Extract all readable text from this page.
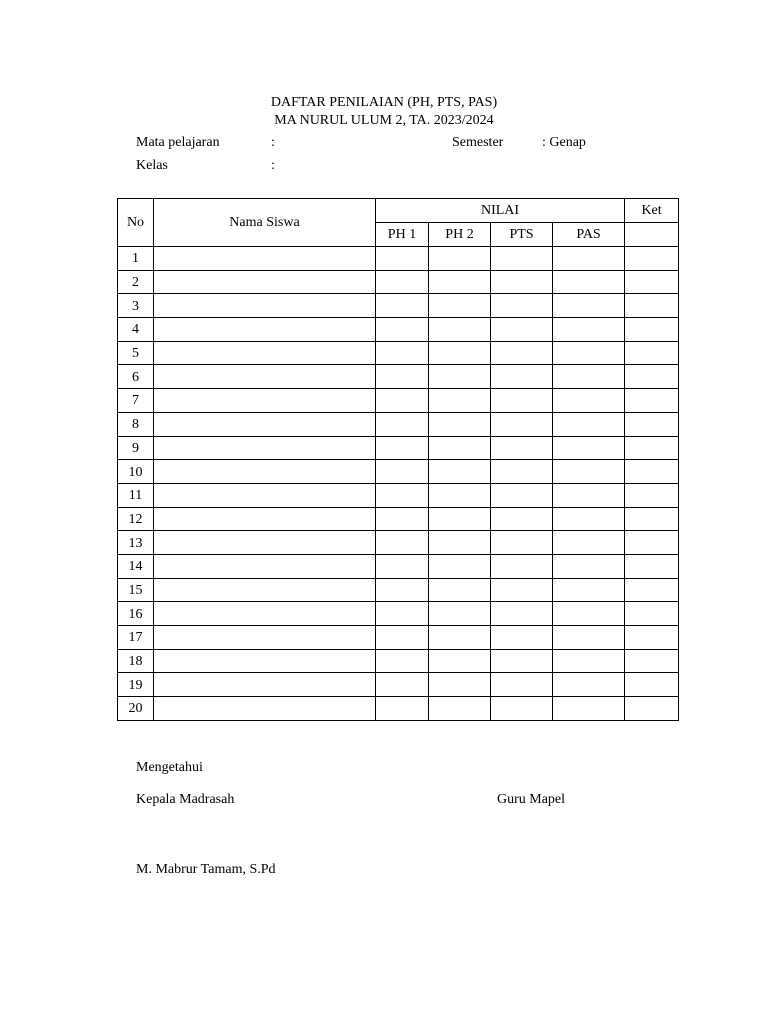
DAFTAR PENILAIAN (PH, PTS, PAS)
MA NURUL ULUM 2, TA. 2023/2024
Mata pelajaran	:	Semester	: Genap
Kelas	:
No	Nama Siswa	NILAI				Ket
		PH 1	PH 2	PTS	PAS	
1						
2						
3						
4						
5						
6						
7						
8						
9						
10						
11						
12						
13						
14						
15						
16						
17						
18						
19						
20						
Mengetahui
Kepala Madrasah	Guru Mapel
M. Mabrur Tamam, S.Pd
